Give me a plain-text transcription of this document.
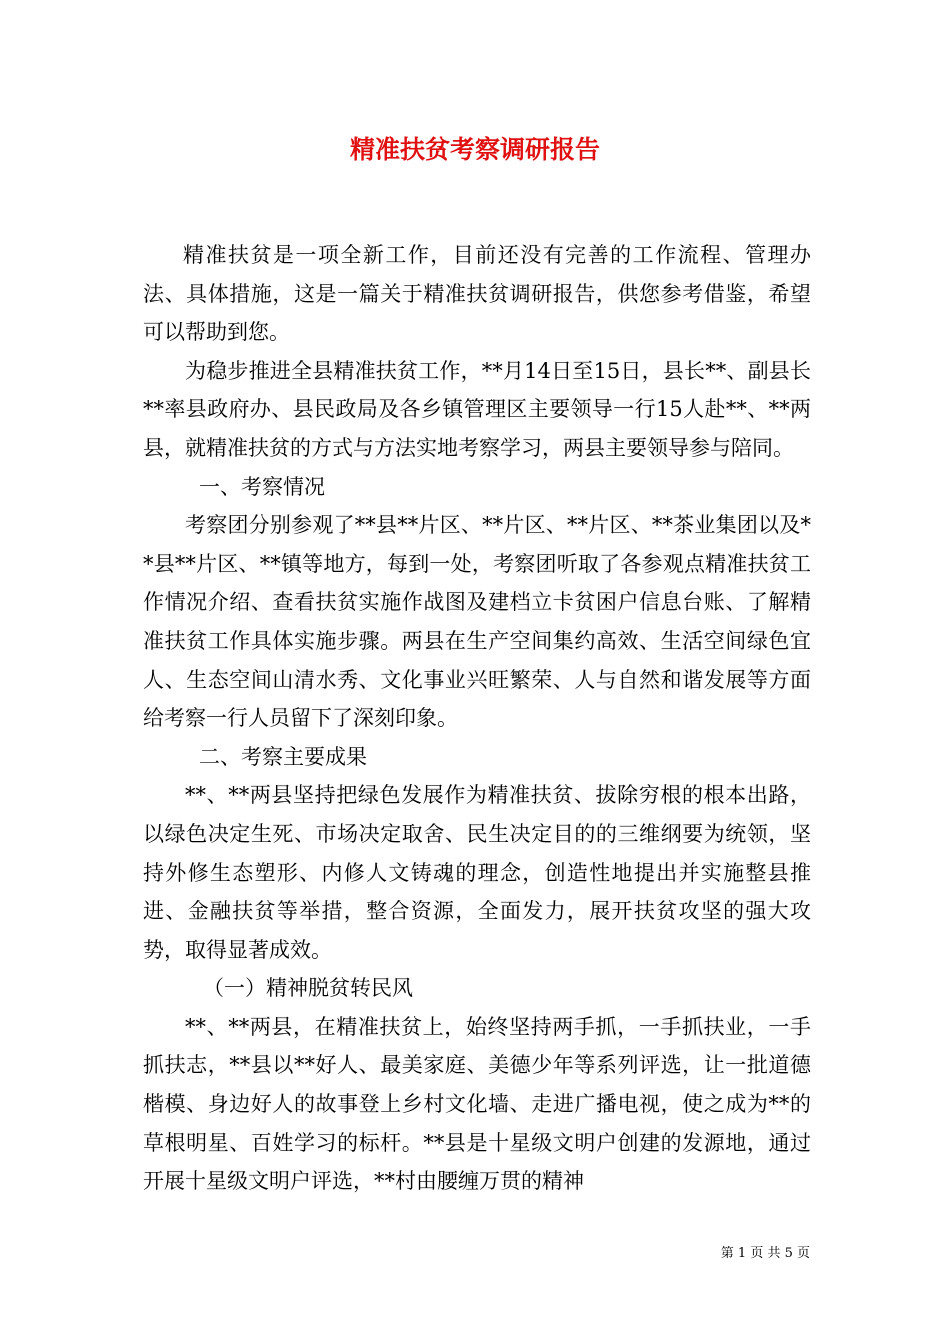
精准扶贫考察调研报告

精准扶贫是一项全新工作，目前还没有完善的工作流程、管理办法、具体措施，这是一篇关于精准扶贫调研报告，供您参考借鉴，希望可以帮助到您。

为稳步推进全县精准扶贫工作，**月14日至15日，县长**、副县长**率县政府办、县民政局及各乡镇管理区主要领导一行15人赴**、**两县，就精准扶贫的方式与方法实地考察学习，两县主要领导参与陪同。

一、考察情况

考察团分别参观了**县**片区、**片区、**片区、**茶业集团以及**县**片区、**镇等地方，每到一处，考察团听取了各参观点精准扶贫工作情况介绍、查看扶贫实施作战图及建档立卡贫困户信息台账、了解精准扶贫工作具体实施步骤。两县在生产空间集约高效、生活空间绿色宜人、生态空间山清水秀、文化事业兴旺繁荣、人与自然和谐发展等方面给考察一行人员留下了深刻印象。

二、考察主要成果

**、**两县坚持把绿色发展作为精准扶贫、拔除穷根的根本出路，以绿色决定生死、市场决定取舍、民生决定目的的三维纲要为统领，坚持外修生态塑形、内修人文铸魂的理念，创造性地提出并实施整县推进、金融扶贫等举措，整合资源，全面发力，展开扶贫攻坚的强大攻势，取得显著成效。

（一）精神脱贫转民风

**、**两县，在精准扶贫上，始终坚持两手抓，一手抓扶业，一手抓扶志，**县以**好人、最美家庭、美德少年等系列评选，让一批道德楷模、身边好人的故事登上乡村文化墙、走进广播电视，使之成为**的草根明星、百姓学习的标杆。**县是十星级文明户创建的发源地，通过开展十星级文明户评选，**村由腰缠万贯的精神

第 1 页 共 5 页
